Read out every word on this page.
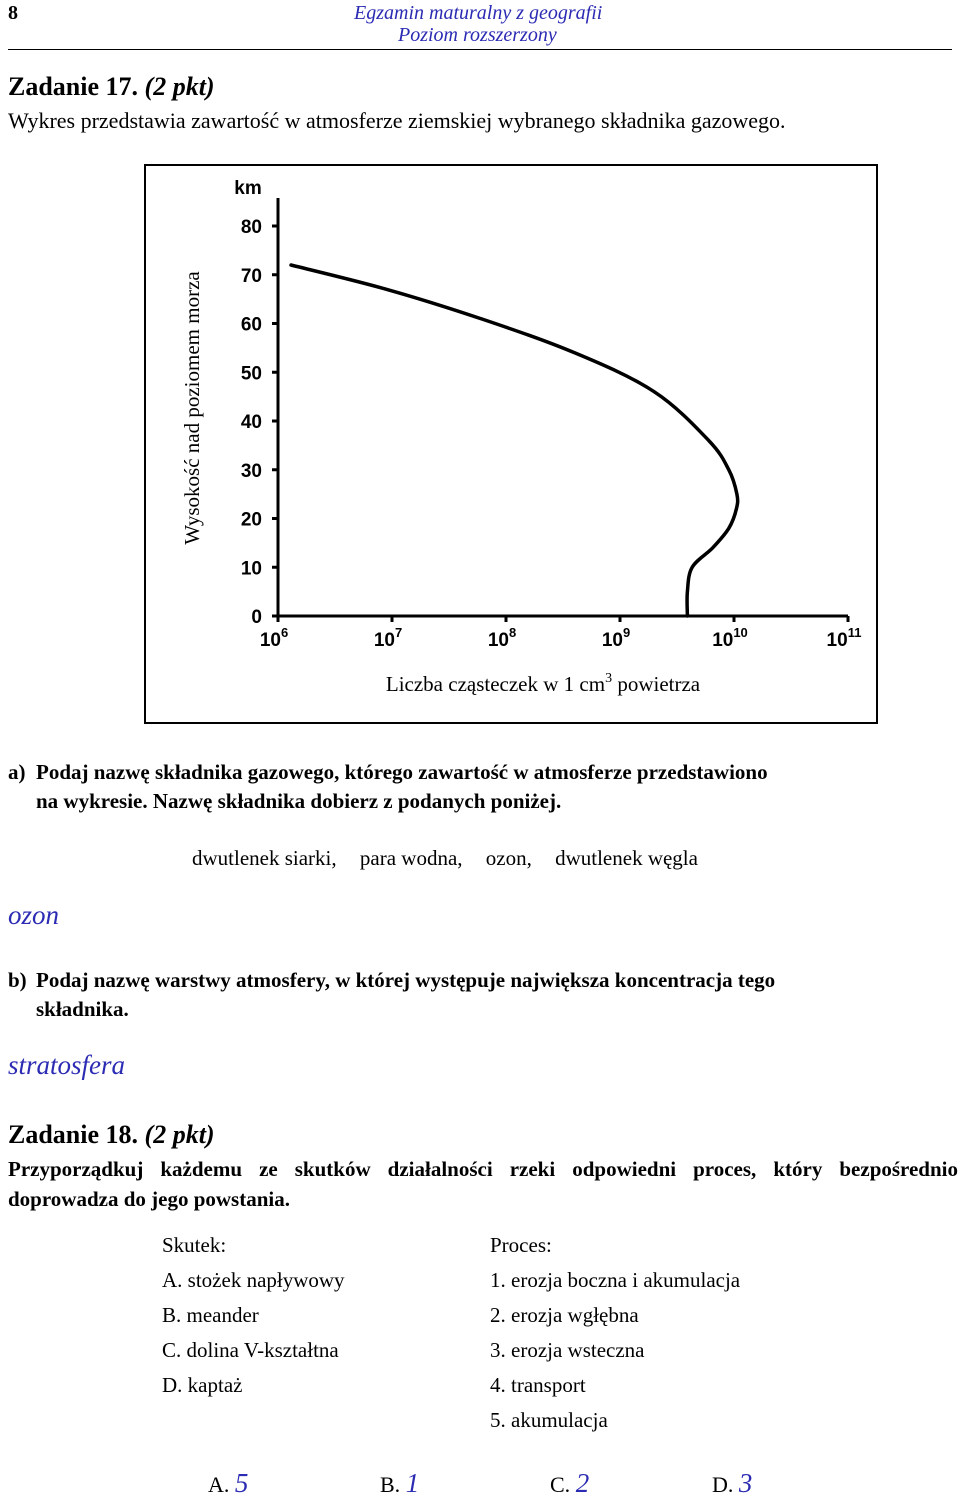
8	Egzamin maturalny z geografii
Poziom rozszerzony
Zadanie 17. (2 pkt)
Wykres przedstawia zawartość w atmosferze ziemskiej wybranego składnika gazowego.
Wysokość nad poziomem morza
km
0
10
20
30
40
50
60
70
80
$10^6$	$10^7$	$10^8$	$10^9$	$10^{10}$	$10^{11}$
Liczba cząsteczek w 1 $cm^3$ powietrza
a) Podaj nazwę składnika gazowego, którego zawartość w atmosferze przedstawiono
na wykresie. Nazwę składnika dobierz z podanych poniżej.
dwutlenek siarki, para wodna, ozon, dwutlenek węgla
ozon
b) Podaj nazwę warstwy atmosfery, w której występuje największa koncentracja tego
składnika.
stratosfera
Zadanie 18. (2 pkt)
Przyporządkuj każdemu ze skutków działalności rzeki odpowiedni proces, który bezpośrednio doprowadza do jego powstania.
Skutek:
A. stożek napływowy
B. meander
C. dolina V-kształtna
D. kaptaż
Proces:
1. erozja boczna i akumulacja
2. erozja wgłębna
3. erozja wsteczna
4. transport
5. akumulacja
A. 5	B. 1	C. 2	D. 3
